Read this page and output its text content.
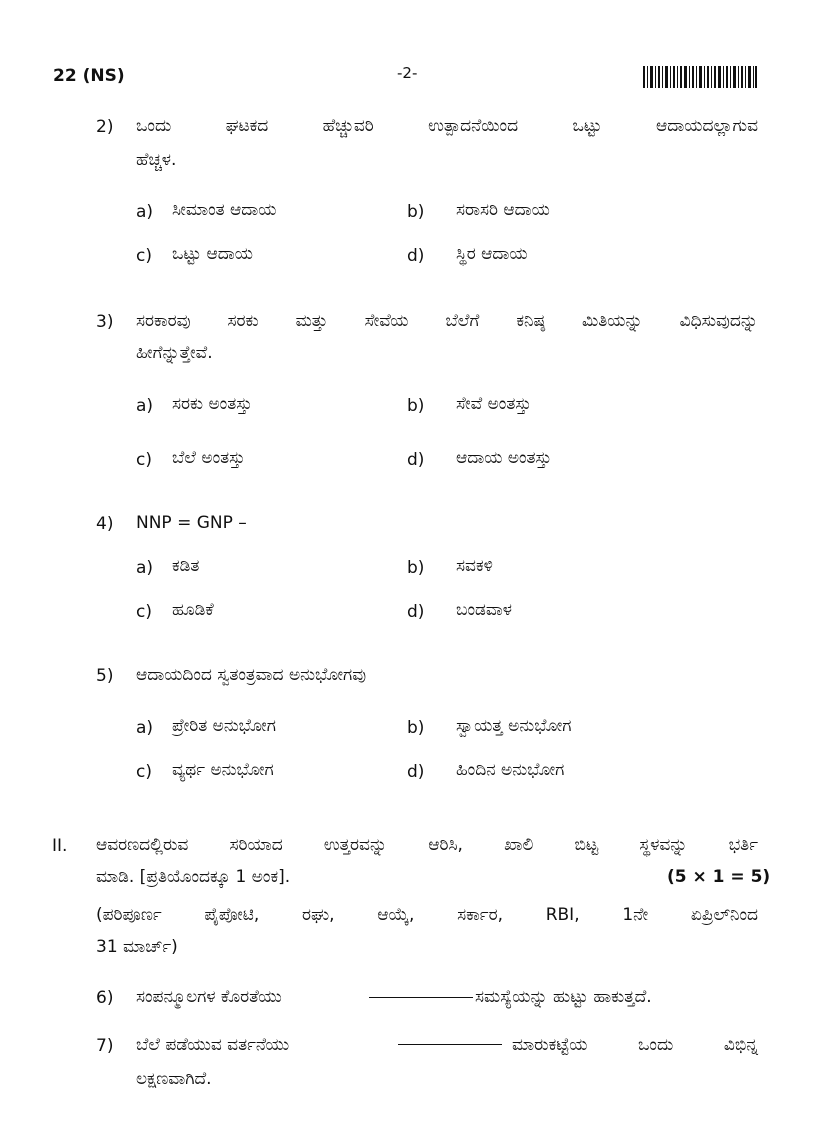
22 (NS)	-2-
2) ಒಂದು ಘಟಕದ ಹೆಚ್ಚುವರಿ ಉತ್ಪಾದನೆಯಿಂದ ಒಟ್ಟು ಆದಾಯದಲ್ಲಾಗುವ
ಹೆಚ್ಚಳ.
a) ಸೀಮಾಂತ ಆದಾಯ	b) ಸರಾಸರಿ ಆದಾಯ
c) ಒಟ್ಟು ಆದಾಯ	d) ಸ್ಥಿರ ಆದಾಯ
3) ಸರಕಾರವು ಸರಕು ಮತ್ತು ಸೇವೆಯ ಬೆಲೆಗೆ ಕನಿಷ್ಠ ಮಿತಿಯನ್ನು ವಿಧಿಸುವುದನ್ನು
ಹೀಗೆನ್ನುತ್ತೇವೆ.
a) ಸರಕು ಅಂತಸ್ತು	b) ಸೇವೆ ಅಂತಸ್ತು
c) ಬೆಲೆ ಅಂತಸ್ತು	d) ಆದಾಯ ಅಂತಸ್ತು
4) NNP = GNP –
a) ಕಡಿತ	b) ಸವಕಳಿ
c) ಹೂಡಿಕೆ	d) ಬಂಡವಾಳ
5) ಆದಾಯದಿಂದ ಸ್ವತಂತ್ರವಾದ ಅನುಭೋಗವು
a) ಪ್ರೇರಿತ ಅನುಭೋಗ	b) ಸ್ವಾಯತ್ತ ಅನುಭೋಗ
c) ವ್ಯರ್ಥ ಅನುಭೋಗ	d) ಹಿಂದಿನ ಅನುಭೋಗ
II. ಆವರಣದಲ್ಲಿರುವ ಸರಿಯಾದ ಉತ್ತರವನ್ನು ಆರಿಸಿ, ಖಾಲಿ ಬಿಟ್ಟ ಸ್ಥಳವನ್ನು ಭರ್ತಿ
ಮಾಡಿ. [ಪ್ರತಿಯೊಂದಕ್ಕೂ 1 ಅಂಕ].	(5 × 1 = 5)
(ಪರಿಪೂರ್ಣ ಪೈಪೋಟಿ, ರಘು, ಆಯ್ಕೆ, ಸರ್ಕಾರ, RBI, 1ನೇ ಏಪ್ರಿಲ್‌ನಿಂದ
31 ಮಾರ್ಚ್)
6) ಸಂಪನ್ಮೂಲಗಳ ಕೊರತೆಯು	ಸಮಸ್ಯೆಯನ್ನು ಹುಟ್ಟು ಹಾಕುತ್ತದೆ.
7) ಬೆಲೆ ಪಡೆಯುವ ವರ್ತನೆಯು	ಮಾರುಕಟ್ಟೆಯ ಒಂದು ವಿಭಿನ್ನ
ಲಕ್ಷಣವಾಗಿದೆ.
